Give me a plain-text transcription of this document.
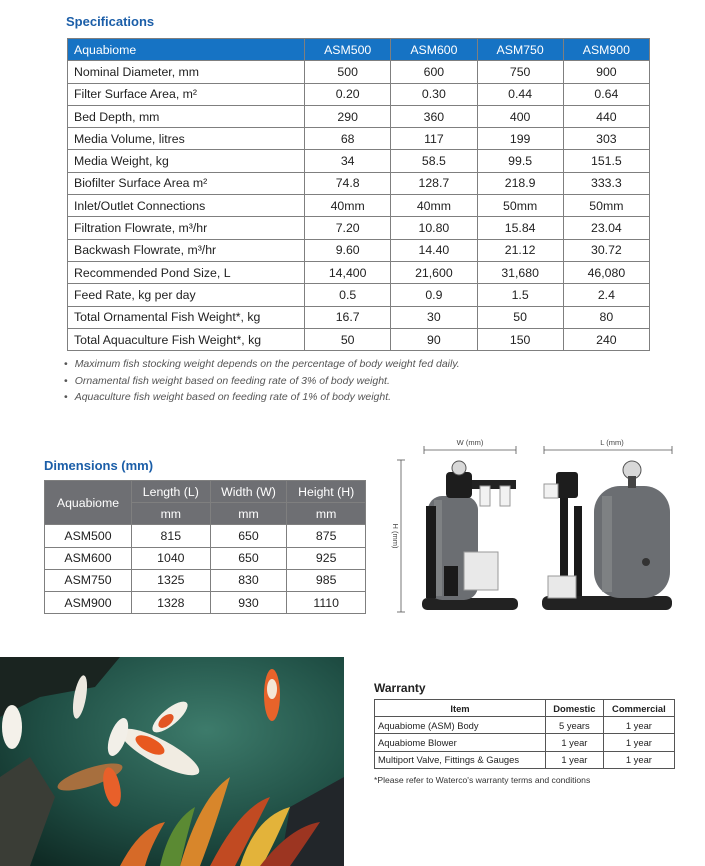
Specifications
Aquabiome	ASM500	ASM600	ASM750	ASM900
Nominal Diameter, mm	500	600	750	900
Filter Surface Area, m²	0.20	0.30	0.44	0.64
Bed Depth, mm	290	360	400	440
Media Volume, litres	68	117	199	303
Media Weight, kg	34	58.5	99.5	151.5
Biofilter Surface Area m²	74.8	128.7	218.9	333.3
Inlet/Outlet Connections	40mm	40mm	50mm	50mm
Filtration Flowrate, m³/hr	7.20	10.80	15.84	23.04
Backwash Flowrate, m³/hr	9.60	14.40	21.12	30.72
Recommended Pond Size, L	14,400	21,600	31,680	46,080
Feed Rate, kg per day	0.5	0.9	1.5	2.4
Total Ornamental Fish Weight*, kg	16.7	30	50	80
Total Aquaculture Fish Weight*, kg	50	90	150	240
• Maximum fish stocking weight depends on the percentage of body weight fed daily.
• Ornamental fish weight based on feeding rate of 3% of body weight.
• Aquaculture fish weight based on feeding rate of 1% of body weight.
Dimensions (mm)
Aquabiome	Length (L)	Width (W)	Height (H)
	mm	mm	mm
ASM500	815	650	875
ASM600	1040	650	925
ASM750	1325	830	985
ASM900	1328	930	1110
W (mm)	L (mm)
H (mm)
Warranty
Item	Domestic	Commercial
Aquabiome (ASM) Body	5 years	1 year
Aquabiome Blower	1 year	1 year
Multiport Valve, Fittings & Gauges	1 year	1 year
*Please refer to Waterco's warranty terms and conditions
